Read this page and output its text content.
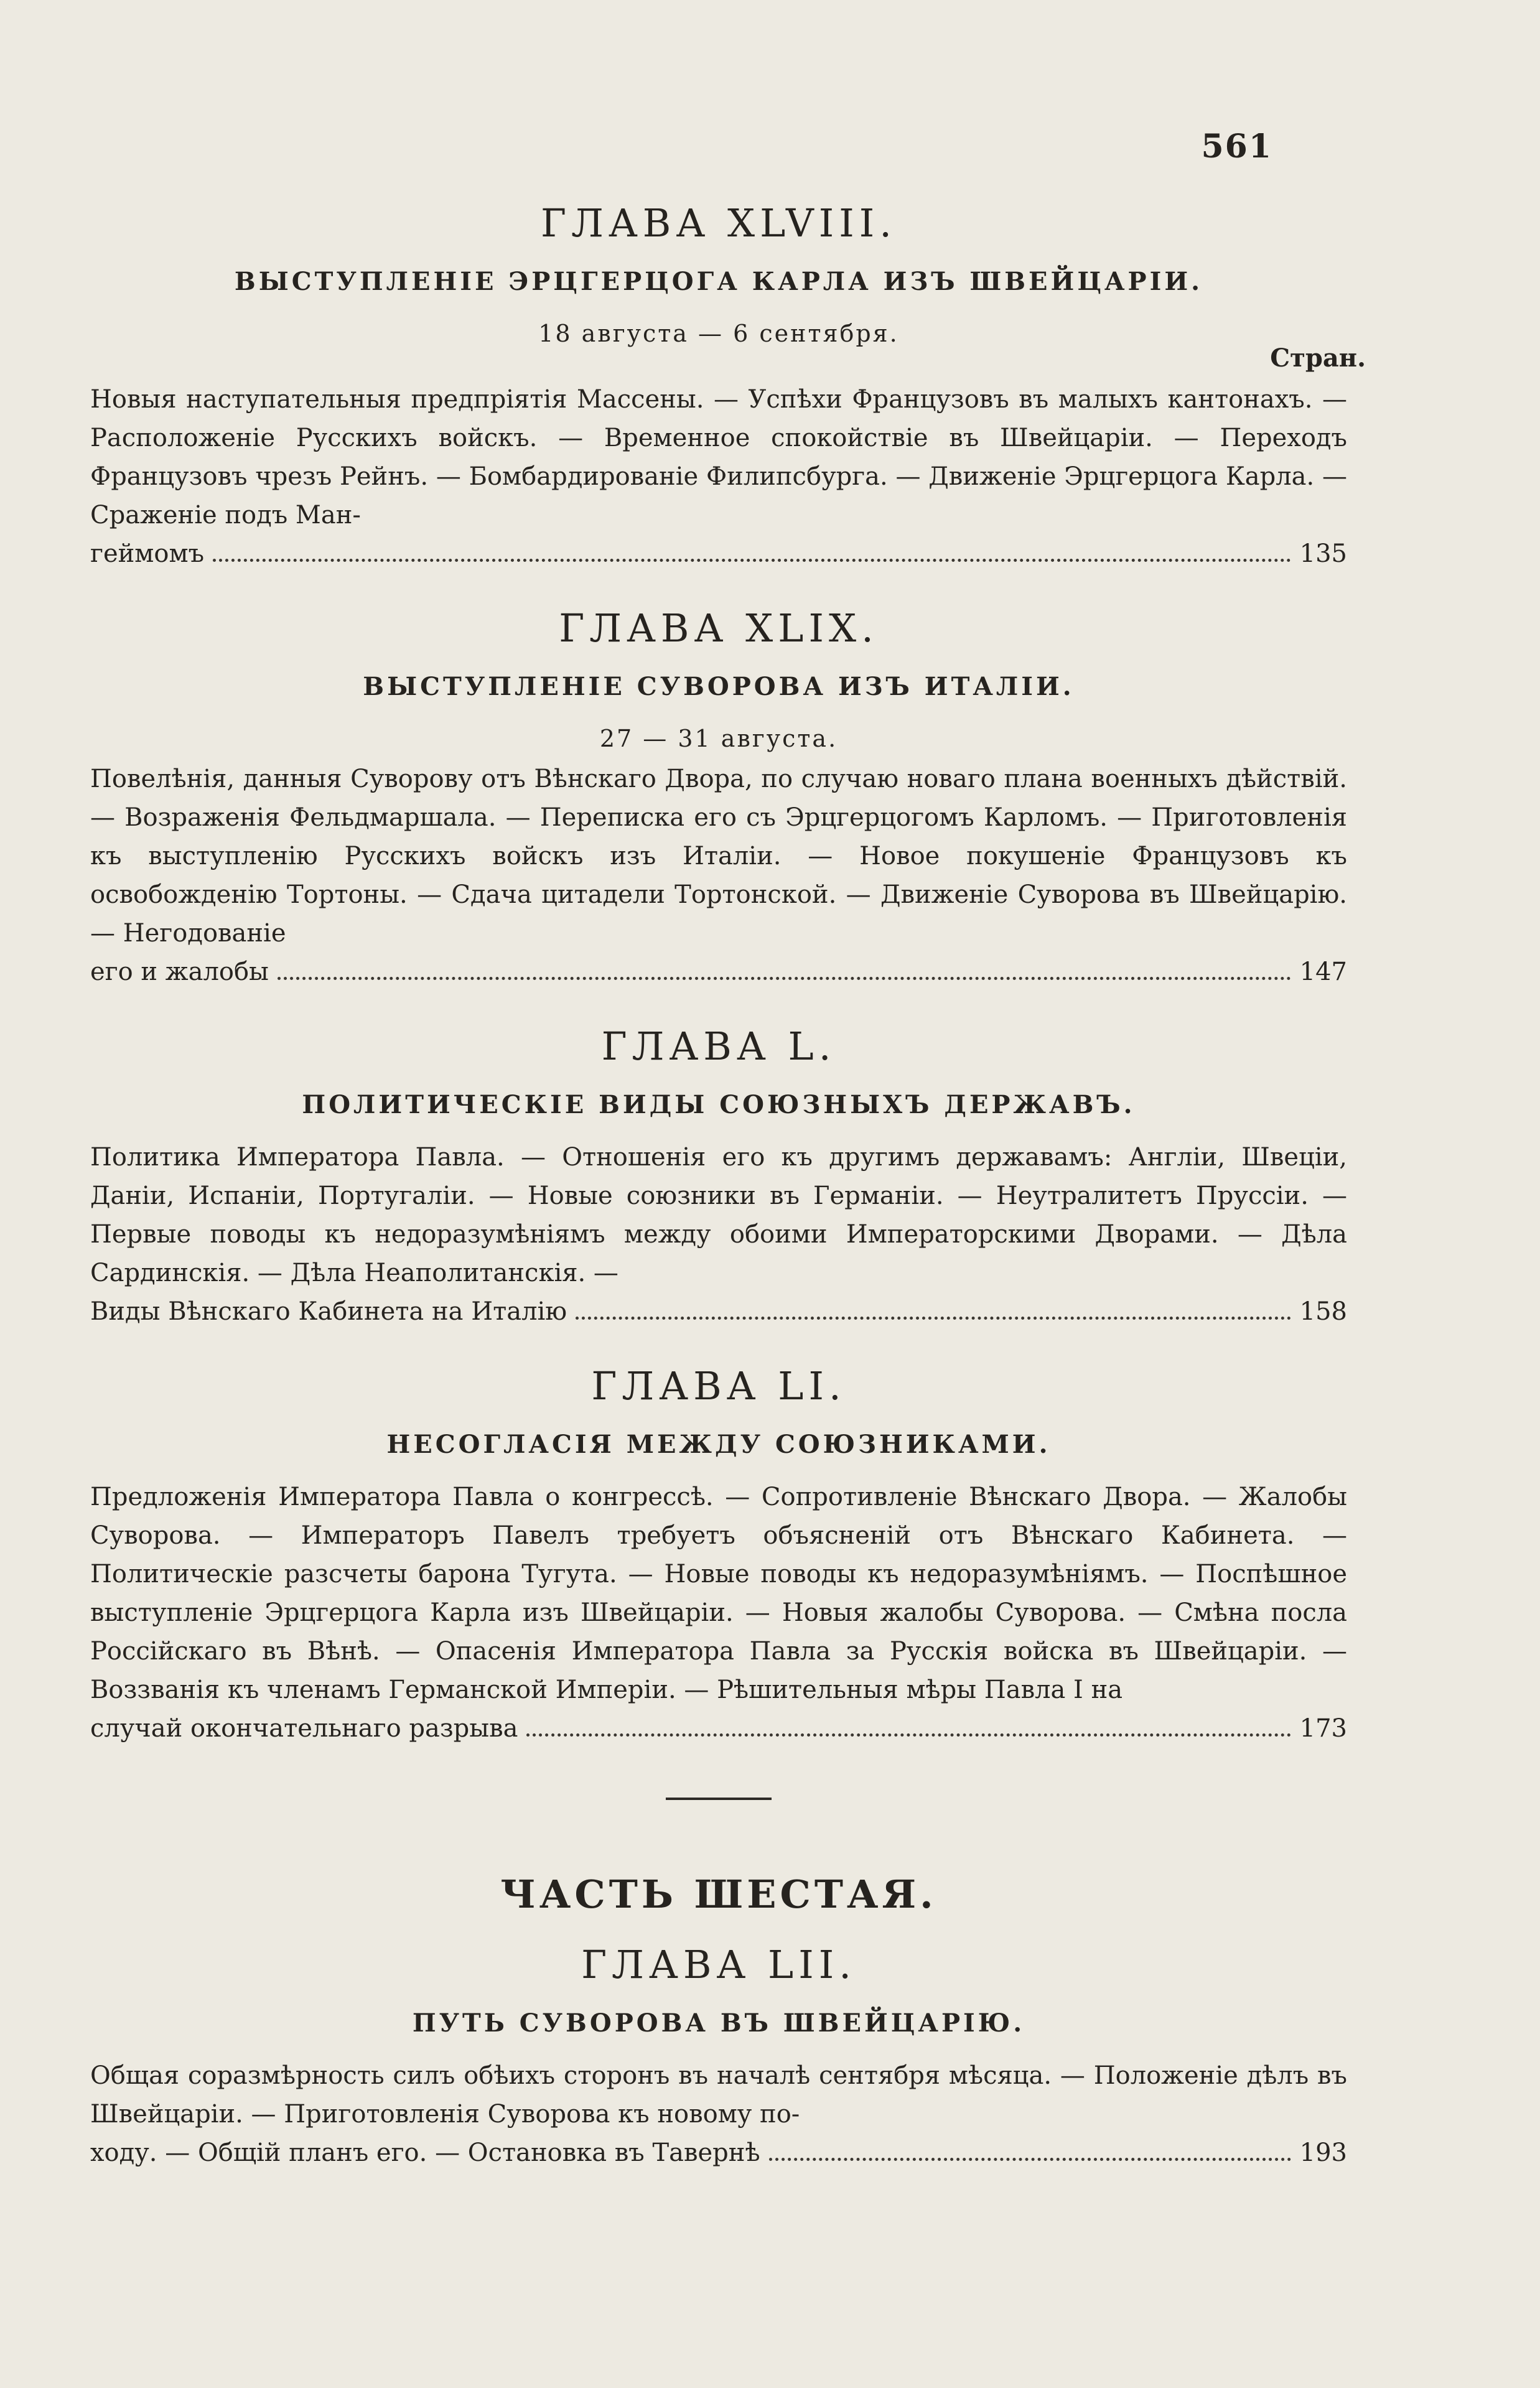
561
ГЛАВА XLVIII.
ВЫСТУПЛЕНІЕ ЭРЦГЕРЦОГА КАРЛА ИЗЪ ШВЕЙЦАРІИ.
18 августа — 6 сентября.
Стран.

Новыя наступательныя предпріятія Массены. — Успѣхи Французовъ въ малыхъ кантонахъ. — Расположеніе Русскихъ войскъ. — Временное спокойствіе въ Швейцаріи. — Переходъ Французовъ чрезъ Рейнъ. — Бомбардированіе Филипсбурга. — Движеніе Эрцгерцога Карла. — Сраженіе подъ Ман-
геймомъ	135

ГЛАВА XLIX.
ВЫСТУПЛЕНІЕ СУВОРОВА ИЗЪ ИТАЛІИ.
27 — 31 августа.

Повелѣнія, данныя Суворову отъ Вѣнскаго Двора, по случаю новаго плана военныхъ дѣйствій. — Возраженія Фельдмаршала. — Переписка его съ Эрцгерцогомъ Карломъ. — Приготовленія къ выступленію Русскихъ войскъ изъ Италіи. — Новое покушеніе Французовъ къ освобожденію Тортоны. — Сдача цитадели Тортонской. — Движеніе Суворова въ Швейцарію. — Негодованіе
его и жалобы	147

ГЛАВА L.
ПОЛИТИЧЕСКІЕ ВИДЫ СОЮЗНЫХЪ ДЕРЖАВЪ.

Политика Императора Павла. — Отношенія его къ другимъ державамъ: Англіи, Швеціи, Даніи, Испаніи, Португаліи. — Новые союзники въ Германіи. — Неутралитетъ Пруссіи. — Первые поводы къ недоразумѣніямъ между обоими Императорскими Дворами. — Дѣла Сардинскія. — Дѣла Неаполитанскія. —
Виды Вѣнскаго Кабинета на Италію	158

ГЛАВА LI.
НЕСОГЛАСІЯ МЕЖДУ СОЮЗНИКАМИ.

Предложенія Императора Павла о конгрессѣ. — Сопротивленіе Вѣнскаго Двора. — Жалобы Суворова. — Императоръ Павелъ требуетъ объясненій отъ Вѣнскаго Кабинета. — Политическіе разсчеты барона Тугута. — Новые поводы къ недоразумѣніямъ. — Поспѣшное выступленіе Эрцгерцога Карла изъ Швейцаріи. — Новыя жалобы Суворова. — Смѣна посла Россійскаго въ Вѣнѣ. — Опасенія Императора Павла за Русскія войска въ Швейцаріи. — Воззванія къ членамъ Германской Имперіи. — Рѣшительныя мѣры Павла I на
случай окончательнаго разрыва	173

ЧАСТЬ ШЕСТАЯ.
ГЛАВА LII.
ПУТЬ СУВОРОВА ВЪ ШВЕЙЦАРІЮ.

Общая соразмѣрность силъ обѣихъ сторонъ въ началѣ сентября мѣсяца. — Положеніе дѣлъ въ Швейцаріи. — Приготовленія Суворова къ новому по-
ходу. — Общій планъ его. — Остановка въ Тавернѣ	193
